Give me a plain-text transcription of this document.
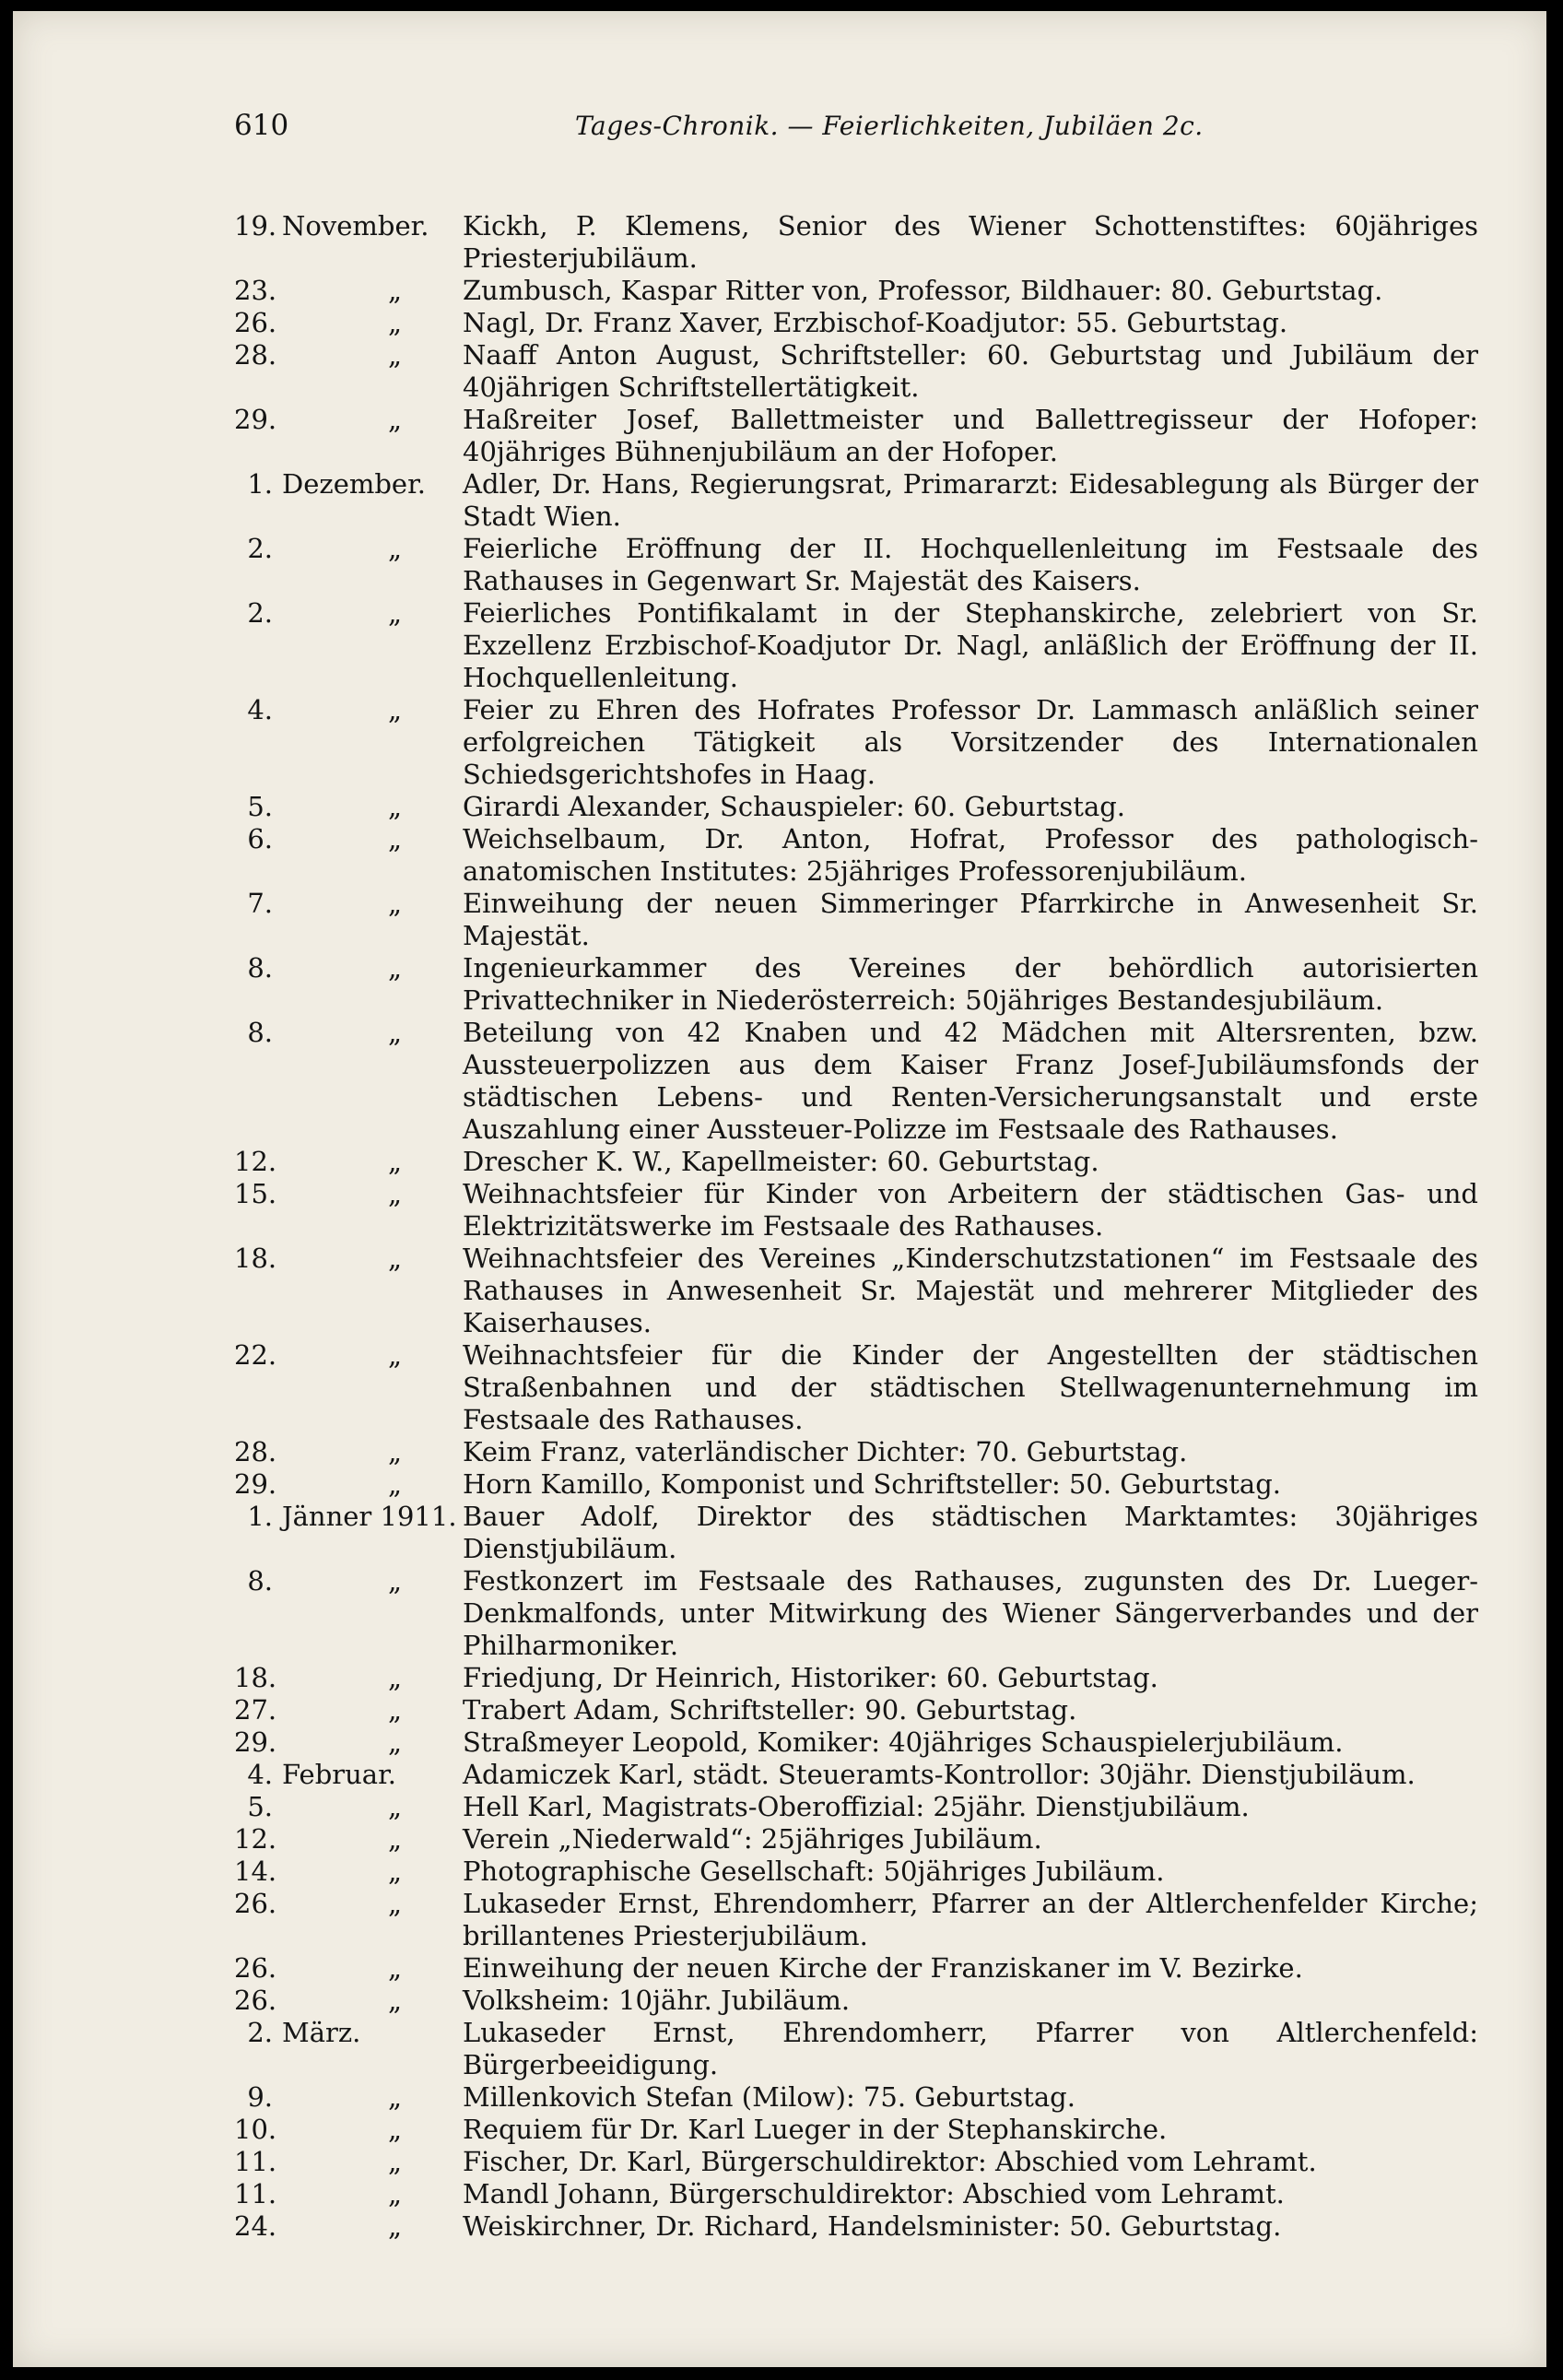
610	Tages-Chronik. — Feierlichkeiten, Jubiläen 2c.
19. November.	Kickh, P. Klemens, Senior des Wiener Schottenstiftes: 60jähriges Priesterjubiläum.
23.	„	Zumbusch, Kaspar Ritter von, Professor, Bildhauer: 80. Geburtstag.
26.	„	Nagl, Dr. Franz Xaver, Erzbischof-Koadjutor: 55. Geburtstag.
28.	„	Naaff Anton August, Schriftsteller: 60. Geburtstag und Jubiläum der 40jährigen Schriftstellertätigkeit.
29.	„	Haßreiter Josef, Ballettmeister und Ballettregisseur der Hofoper: 40jähriges Bühnenjubiläum an der Hofoper.
1. Dezember.	Adler, Dr. Hans, Regierungsrat, Primararzt: Eidesablegung als Bürger der Stadt Wien.
2.	„	Feierliche Eröffnung der II. Hochquellenleitung im Festsaale des Rathauses in Gegenwart Sr. Majestät des Kaisers.
2.	„	Feierliches Pontifikalamt in der Stephanskirche, zelebriert von Sr. Exzellenz Erzbischof-Koadjutor Dr. Nagl, anläßlich der Eröffnung der II. Hochquellenleitung.
4.	„	Feier zu Ehren des Hofrates Professor Dr. Lammasch anläßlich seiner erfolgreichen Tätigkeit als Vorsitzender des Internationalen Schiedsgerichtshofes in Haag.
5.	„	Girardi Alexander, Schauspieler: 60. Geburtstag.
6.	„	Weichselbaum, Dr. Anton, Hofrat, Professor des pathologisch-anatomischen Institutes: 25jähriges Professorenjubiläum.
7.	„	Einweihung der neuen Simmeringer Pfarrkirche in Anwesenheit Sr. Majestät.
8.	„	Ingenieurkammer des Vereines der behördlich autorisierten Privattechniker in Niederösterreich: 50jähriges Bestandesjubiläum.
8.	„	Beteilung von 42 Knaben und 42 Mädchen mit Altersrenten, bzw. Aussteuerpolizzen aus dem Kaiser Franz Josef-Jubiläumsfonds der städtischen Lebens- und Renten-Versicherungsanstalt und erste Auszahlung einer Aussteuer-Polizze im Festsaale des Rathauses.
12.	„	Drescher K. W., Kapellmeister: 60. Geburtstag.
15.	„	Weihnachtsfeier für Kinder von Arbeitern der städtischen Gas- und Elektrizitätswerke im Festsaale des Rathauses.
18.	„	Weihnachtsfeier des Vereines „Kinderschutzstationen“ im Festsaale des Rathauses in Anwesenheit Sr. Majestät und mehrerer Mitglieder des Kaiserhauses.
22.	„	Weihnachtsfeier für die Kinder der Angestellten der städtischen Straßenbahnen und der städtischen Stellwagenunternehmung im Festsaale des Rathauses.
28.	„	Keim Franz, vaterländischer Dichter: 70. Geburtstag.
29.	„	Horn Kamillo, Komponist und Schriftsteller: 50. Geburtstag.
1. Jänner 1911. Bauer Adolf, Direktor des städtischen Marktamtes: 30jähriges Dienstjubiläum.
8.	„	Festkonzert im Festsaale des Rathauses, zugunsten des Dr. Lueger-Denkmalfonds, unter Mitwirkung des Wiener Sängerverbandes und der Philharmoniker.
18.	„	Friedjung, Dr Heinrich, Historiker: 60. Geburtstag.
27.	„	Trabert Adam, Schriftsteller: 90. Geburtstag.
29.	„	Straßmeyer Leopold, Komiker: 40jähriges Schauspielerjubiläum.
4. Februar.	Adamiczek Karl, städt. Steueramts-Kontrollor: 30jähr. Dienstjubiläum.
5.	„	Hell Karl, Magistrats-Oberoffizial: 25jähr. Dienstjubiläum.
12.	„	Verein „Niederwald“: 25jähriges Jubiläum.
14.	„	Photographische Gesellschaft: 50jähriges Jubiläum.
26.	„	Lukaseder Ernst, Ehrendomherr, Pfarrer an der Altlerchenfelder Kirche; brillantenes Priesterjubiläum.
26.	„	Einweihung der neuen Kirche der Franziskaner im V. Bezirke.
26.	„	Volksheim: 10jähr. Jubiläum.
2. März.	Lukaseder Ernst, Ehrendomherr, Pfarrer von Altlerchenfeld: Bürgerbeeidigung.
9.	„	Millenkovich Stefan (Milow): 75. Geburtstag.
10.	„	Requiem für Dr. Karl Lueger in der Stephanskirche.
11.	„	Fischer, Dr. Karl, Bürgerschuldirektor: Abschied vom Lehramt.
11.	„	Mandl Johann, Bürgerschuldirektor: Abschied vom Lehramt.
24.	„	Weiskirchner, Dr. Richard, Handelsminister: 50. Geburtstag.
